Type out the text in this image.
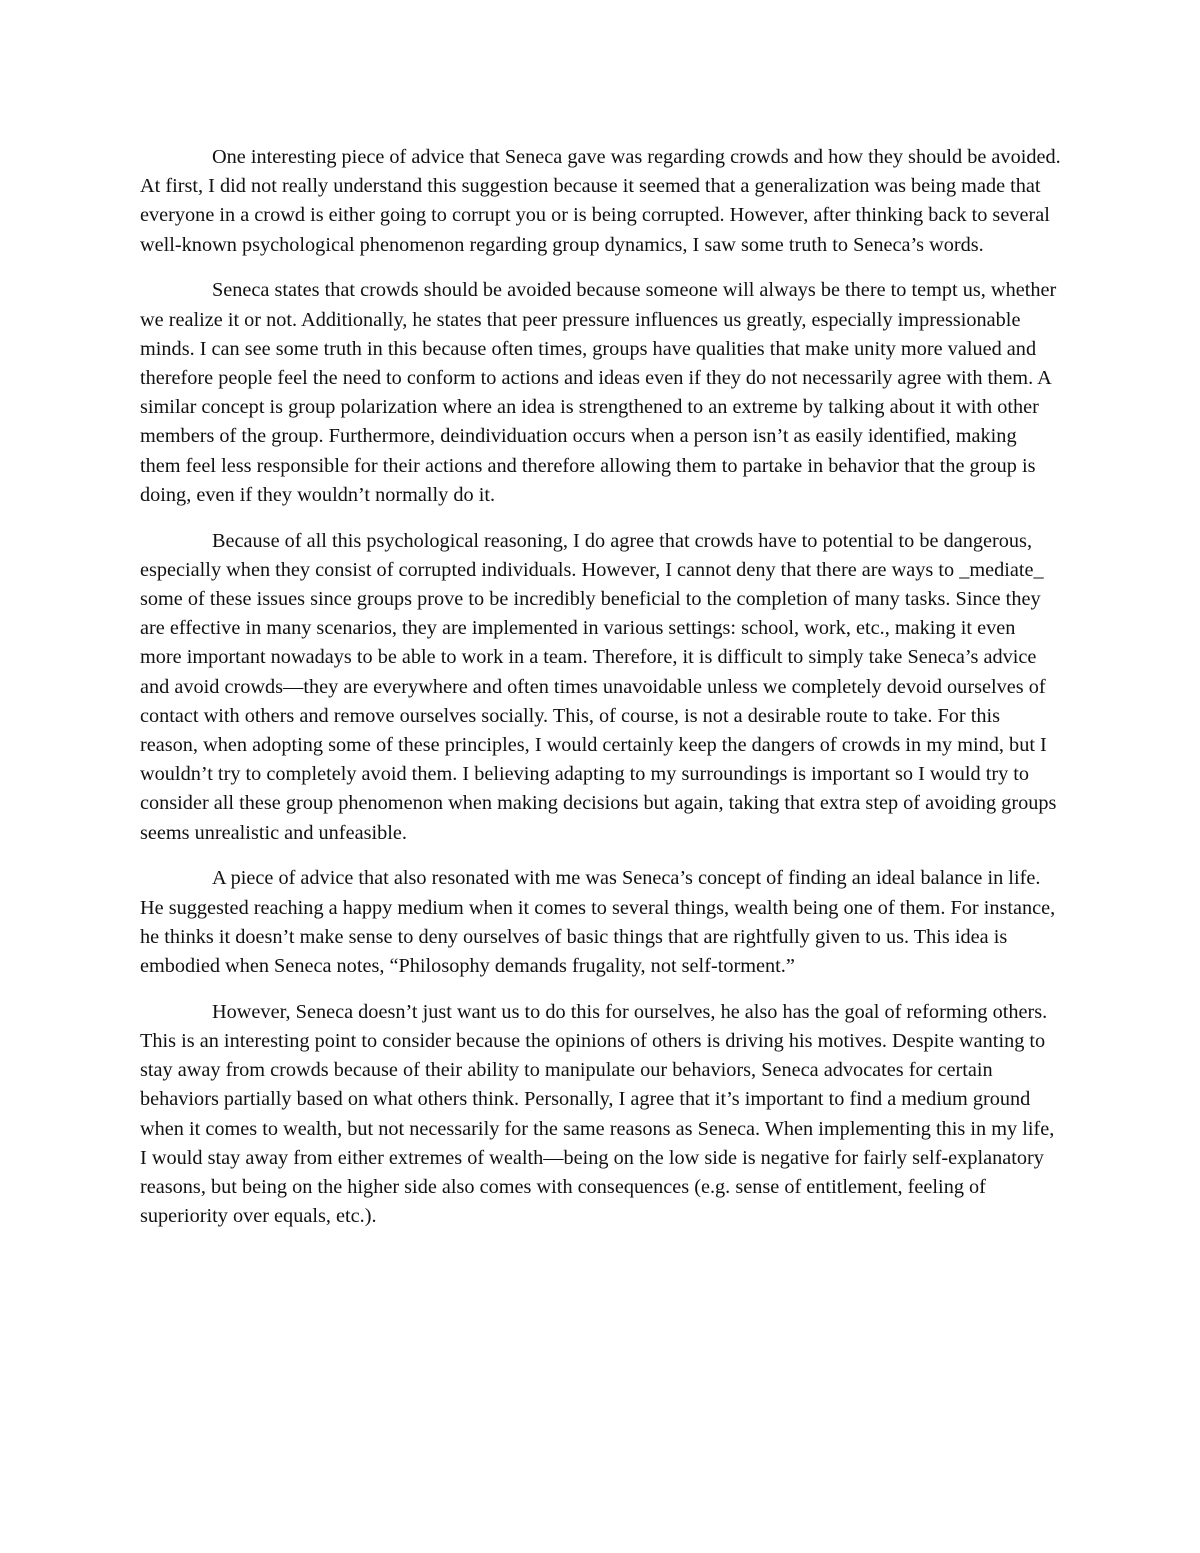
One interesting piece of advice that Seneca gave was regarding crowds and how they should be avoided. At first, I did not really understand this suggestion because it seemed that a generalization was being made that everyone in a crowd is either going to corrupt you or is being corrupted. However, after thinking back to several well-known psychological phenomenon regarding group dynamics, I saw some truth to Seneca’s words.

Seneca states that crowds should be avoided because someone will always be there to tempt us, whether we realize it or not. Additionally, he states that peer pressure influences us greatly, especially impressionable minds. I can see some truth in this because often times, groups have qualities that make unity more valued and therefore people feel the need to conform to actions and ideas even if they do not necessarily agree with them. A similar concept is group polarization where an idea is strengthened to an extreme by talking about it with other members of the group. Furthermore, deindividuation occurs when a person isn’t as easily identified, making them feel less responsible for their actions and therefore allowing them to partake in behavior that the group is doing, even if they wouldn’t normally do it.

Because of all this psychological reasoning, I do agree that crowds have to potential to be dangerous, especially when they consist of corrupted individuals. However, I cannot deny that there are ways to _mediate_ some of these issues since groups prove to be incredibly beneficial to the completion of many tasks. Since they are effective in many scenarios, they are implemented in various settings: school, work, etc., making it even more important nowadays to be able to work in a team. Therefore, it is difficult to simply take Seneca’s advice and avoid crowds—they are everywhere and often times unavoidable unless we completely devoid ourselves of contact with others and remove ourselves socially. This, of course, is not a desirable route to take. For this reason, when adopting some of these principles, I would certainly keep the dangers of crowds in my mind, but I wouldn’t try to completely avoid them. I believing adapting to my surroundings is important so I would try to consider all these group phenomenon when making decisions but again, taking that extra step of avoiding groups seems unrealistic and unfeasible.

A piece of advice that also resonated with me was Seneca’s concept of finding an ideal balance in life. He suggested reaching a happy medium when it comes to several things, wealth being one of them. For instance, he thinks it doesn’t make sense to deny ourselves of basic things that are rightfully given to us. This idea is embodied when Seneca notes, “Philosophy demands frugality, not self-torment.”

However, Seneca doesn’t just want us to do this for ourselves, he also has the goal of reforming others. This is an interesting point to consider because the opinions of others is driving his motives. Despite wanting to stay away from crowds because of their ability to manipulate our behaviors, Seneca advocates for certain behaviors partially based on what others think. Personally, I agree that it’s important to find a medium ground when it comes to wealth, but not necessarily for the same reasons as Seneca. When implementing this in my life, I would stay away from either extremes of wealth—being on the low side is negative for fairly self-explanatory reasons, but being on the higher side also comes with consequences (e.g. sense of entitlement, feeling of superiority over equals, etc.).
